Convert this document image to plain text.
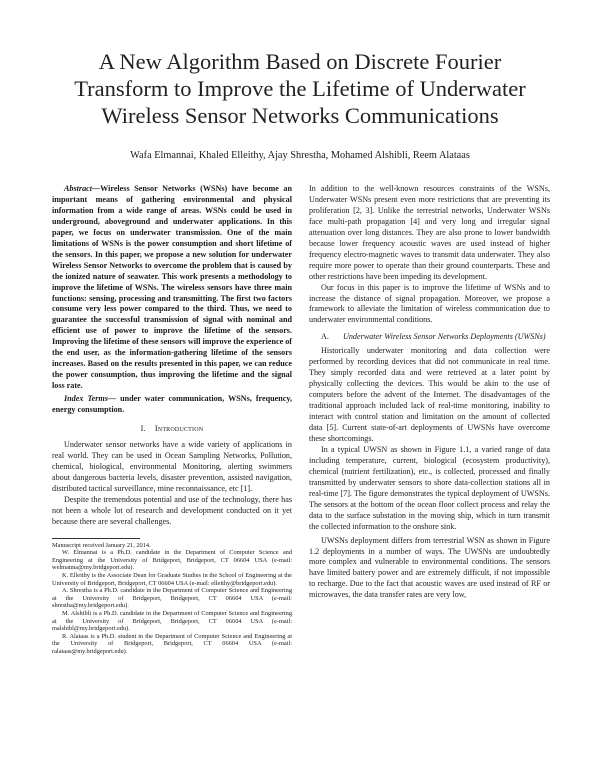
A New Algorithm Based on Discrete Fourier
Transform to Improve the Lifetime of Underwater
Wireless Sensor Networks Communications
Wafa Elmannai, Khaled Elleithy, Ajay Shrestha, Mohamed Alshibli, Reem Alataas

Abstract—Wireless Sensor Networks (WSNs) have become an important means of gathering environmental and physical information from a wide range of areas. WSNs could be used in underground, aboveground and underwater applications. In this paper, we focus on underwater transmission. One of the main limitations of WSNs is the power consumption and short lifetime of the sensors. In this paper, we propose a new solution for underwater Wireless Sensor Networks to overcome the problem that is caused by the ionized nature of seawater. This work presents a methodology to improve the lifetime of WSNs. The wireless sensors have three main functions: sensing, processing and transmitting. The first two factors consume very less power compared to the third. Thus, we need to guarantee the successful transmission of signal with nominal and efficient use of power to improve the lifetime of the sensors. Improving the lifetime of these sensors will improve the experience of the end user, as the information-gathering lifetime of the sensors increases. Based on the results presented in this paper, we can reduce the power consumption, thus improving the lifetime and the signal loss rate.

Index Terms— under water communication, WSNs, frequency, energy consumption.

I. Introduction

Underwater sensor networks have a wide variety of applications in real world. They can be used in Ocean Sampling Networks, Pollution, chemical, biological, environmental Monitoring, alerting swimmers about dangerous bacteria levels, disaster prevention, assisted navigation, distributed tactical surveillance, mine reconnaissance, etc [1].

Despite the tremendous potential and use of the technology, there has not been a whole lot of research and development conducted on it yet because there are several challenges.

Manuscript received January 21, 2014.

W. Elmannai is a Ph.D. candidate in the Department of Computer Science and Engineering at the University of Bridgeport, Bridgeport, CT 06604 USA (e-mail: welmanna@my.bridgeport.edu).

K. Elleithy is the Associate Dean for Graduate Studies in the School of Engineering at the University of Bridgeport, Bridgeport, CT 06604 USA (e-mail: elleithy@bridgeport.edu).

A. Shrestha is a Ph.D. candidate in the Department of Computer Science and Engineering at the University of Bridgeport, Bridgeport, CT 06604 USA (e-mail: shrestha@my.bridgeport.edu).

M. Alshibli is a Ph.D. candidate in the Department of Computer Science and Engineering at the University of Bridgeport, Bridgeport, CT 06604 USA (e-mail: malshibl@my.bridgeport.edu).

R. Alataas is a Ph.D. student in the Department of Computer Science and Engineering at the University of Bridgeport, Bridgeport, CT 06604 USA (e-mail: ralataas@my.bridgeport.edu).

In addition to the well-known resources constraints of the WSNs, Underwater WSNs present even more restrictions that are preventing its proliferation [2, 3]. Unlike the terrestrial networks, Underwater WSNs face multi-path propagation [4] and very long and irregular signal attenuation over long distances. They are also prone to lower bandwidth because lower frequency acoustic waves are used instead of higher frequency electro-magnetic waves to transmit data underwater. They also require more power to operate than their ground counterparts. These and other restrictions have been impeding its development.

Our focus in this paper is to improve the lifetime of WSNs and to increase the distance of signal propagation. Moreover, we propose a framework to alleviate the limitation of wireless communication due to underwater environmental conditions.

A. Underwater Wireless Sensor Networks Deployments (UWSNs)

Historically underwater monitoring and data collection were performed by recording devices that did not communicate in real time. They simply recorded data and were retrieved at a later point by physically collecting the devices. This would be akin to the use of computers before the advent of the Internet. The disadvantages of the traditional approach included lack of real-time monitoring, inability to interact with control station and limitation on the amount of collected data [5]. Current state-of-art deployments of UWSNs have overcome these shortcomings.

In a typical UWSN as shown in Figure 1.1, a varied range of data including temperature, current, biological (ecosystem productivity), chemical (nutrient fertilization), etc., is collected, processed and finally transmitted by underwater sensors to shore data-collection stations all in real-time [7]. The figure demonstrates the typical deployment of UWSNs. The sensors at the bottom of the ocean floor collect process and relay the data to the surface substation in the moving ship, which in turn transmit the collected information to the onshore sink.

UWSNs deployment differs from terrestrial WSN as shown in Figure 1.2 deployments in a number of ways. The UWSNs are undoubtedly more complex and vulnerable to environmental conditions. The sensors have limited battery power and are extremely difficult, if not impossible to recharge. Due to the fact that acoustic waves are used instead of RF or microwaves, the data transfer rates are very low,
